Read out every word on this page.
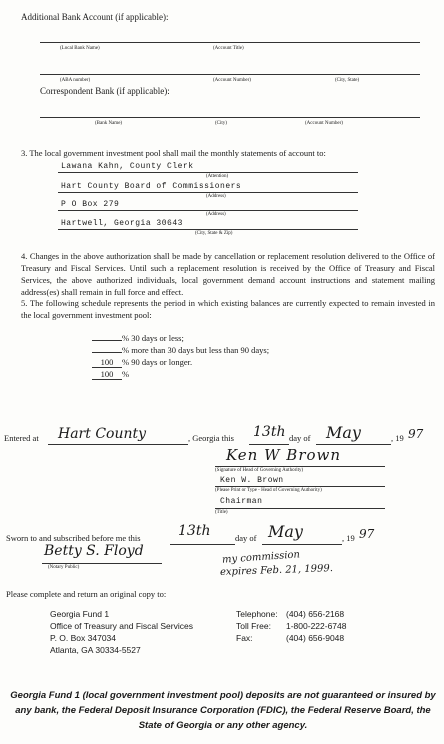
Additional Bank Account (if applicable):
(Local Bank Name)	(Account Title)
(ABA number)	(Account Number)	(City, State)
Correspondent Bank (if applicable):
(Bank Name)	(City)	(Account Number)
3. The local government investment pool shall mail the monthly statements of account to:
Lawana Kahn, County Clerk
(Attention)
Hart County Board of Commissioners
(Address)
P O Box 279
(Address)
Hartwell, Georgia 30643
(City, State & Zip)
4. Changes in the above authorization shall be made by cancellation or replacement resolution delivered to the Office of Treasury and Fiscal Services. Until such a replacement resolution is received by the Office of Treasury and Fiscal Services, the above authorized individuals, local government demand account instructions and statement mailing address(es) shall remain in full force and effect.
5. The following schedule represents the period in which existing balances are currently expected to remain invested in the local government investment pool:
% 30 days or less;
% more than 30 days but less than 90 days;
100 % 90 days or longer.
100 %
Entered at Hart County	, Georgia this 13th day of May	, 19 97
Ken W Brown
(Signature of Head of Governing Authority)
Ken W. Brown
(Please Print or Type - Head of Governing Authority)
Chairman
(Title)
Sworn to and subscribed before me this	13th	day of May	, 19 97
Betty S. Floyd
(Notary Public)
my commission
expires Feb. 21, 1999.
Please complete and return an original copy to:
Georgia Fund 1
Office of Treasury and Fiscal Services
P. O. Box 347034
Atlanta, GA 30334-5527
Telephone: (404) 656-2168
Toll Free: 1-800-222-6748
Fax:	(404) 656-9048
Georgia Fund 1 (local government investment pool) deposits are not guaranteed or insured by any bank, the Federal Deposit Insurance Corporation (FDIC), the Federal Reserve Board, the State of Georgia or any other agency.
